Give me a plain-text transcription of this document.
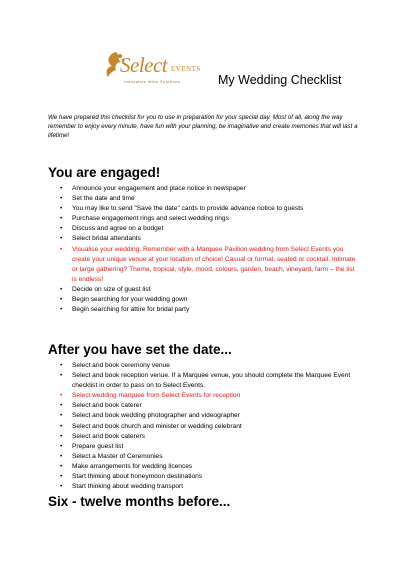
Select EVENTS
Innovative Wine Solutions	My Wedding Checklist

We have prepared this checklist for you to use in preparation for your special day. Most of all, along the way remember to enjoy every minute, have fun with your planning, be imaginative and create memories that will last a lifetime!

You are engaged!
• Announce your engagement and place notice in newspaper
• Set the date and time
• You may like to send "Save the date" cards to provide advance notice to guests
• Purchase engagement rings and select wedding rings
• Discuss and agree on a budget
• Select bridal attendants
• Visualise your wedding. Remember with a Marquee Pavilion wedding from Select Events you create your unique venue at your location of choice! Casual or formal, seated or cocktail. Intimate or large gathering? Theme, tropical, style, mood, colours, garden, beach, vineyard, farm – the list is endless!
• Decide on size of guest list
• Begin searching for your wedding gown
• Begin searching for attire for bridal party
After you have set the date...
• Select and book ceremony venue
• Select and book reception venue. If a Marquee venue, you should complete the Marquee Event checklist in order to pass on to Select Events.
• Select wedding marquee from Select Events for reception
• Select and book caterer
• Select and book wedding photographer and videographer
• Select and book church and minister or wedding celebrant
• Select and book caterers
• Prepare guest list
• Select a Master of Ceremonies
• Make arrangements for wedding licences
• Start thinking about honeymoon destinations
• Start thinking about wedding transport
Six - twelve months before...
